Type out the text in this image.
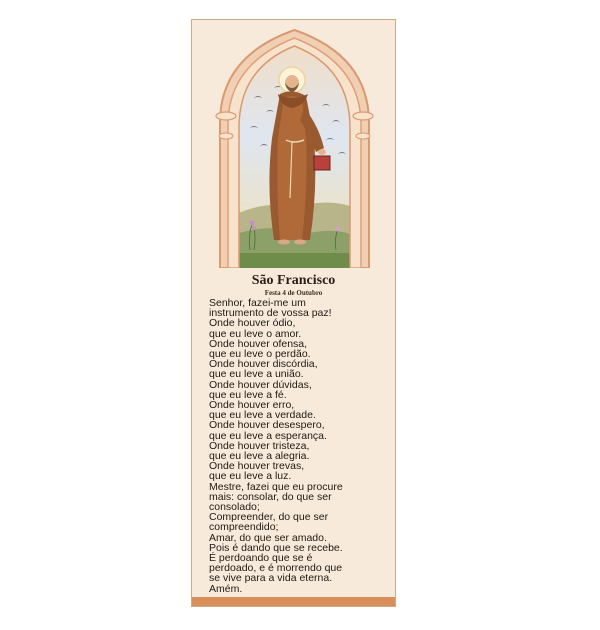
São Francisco
Festa 4 de Outubro
Senhor, fazei-me um
instrumento de vossa paz!
Onde houver ódio,
que eu leve o amor.
Onde houver ofensa,
que eu leve o perdão.
Onde houver discórdia,
que eu leve a união.
Onde houver dúvidas,
que eu leve a fé.
Onde houver erro,
que eu leve a verdade.
Onde houver desespero,
que eu leve a esperança.
Onde houver tristeza,
que eu leve a alegria.
Onde houver trevas,
que eu leve a luz.
Mestre, fazei que eu procure
mais: consolar, do que ser
consolado;
Compreender, do que ser
compreendido;
Amar, do que ser amado.
Pois é dando que se recebe.
É perdoando que se é
perdoado, e é morrendo que
se vive para a vida eterna.
Amém.
